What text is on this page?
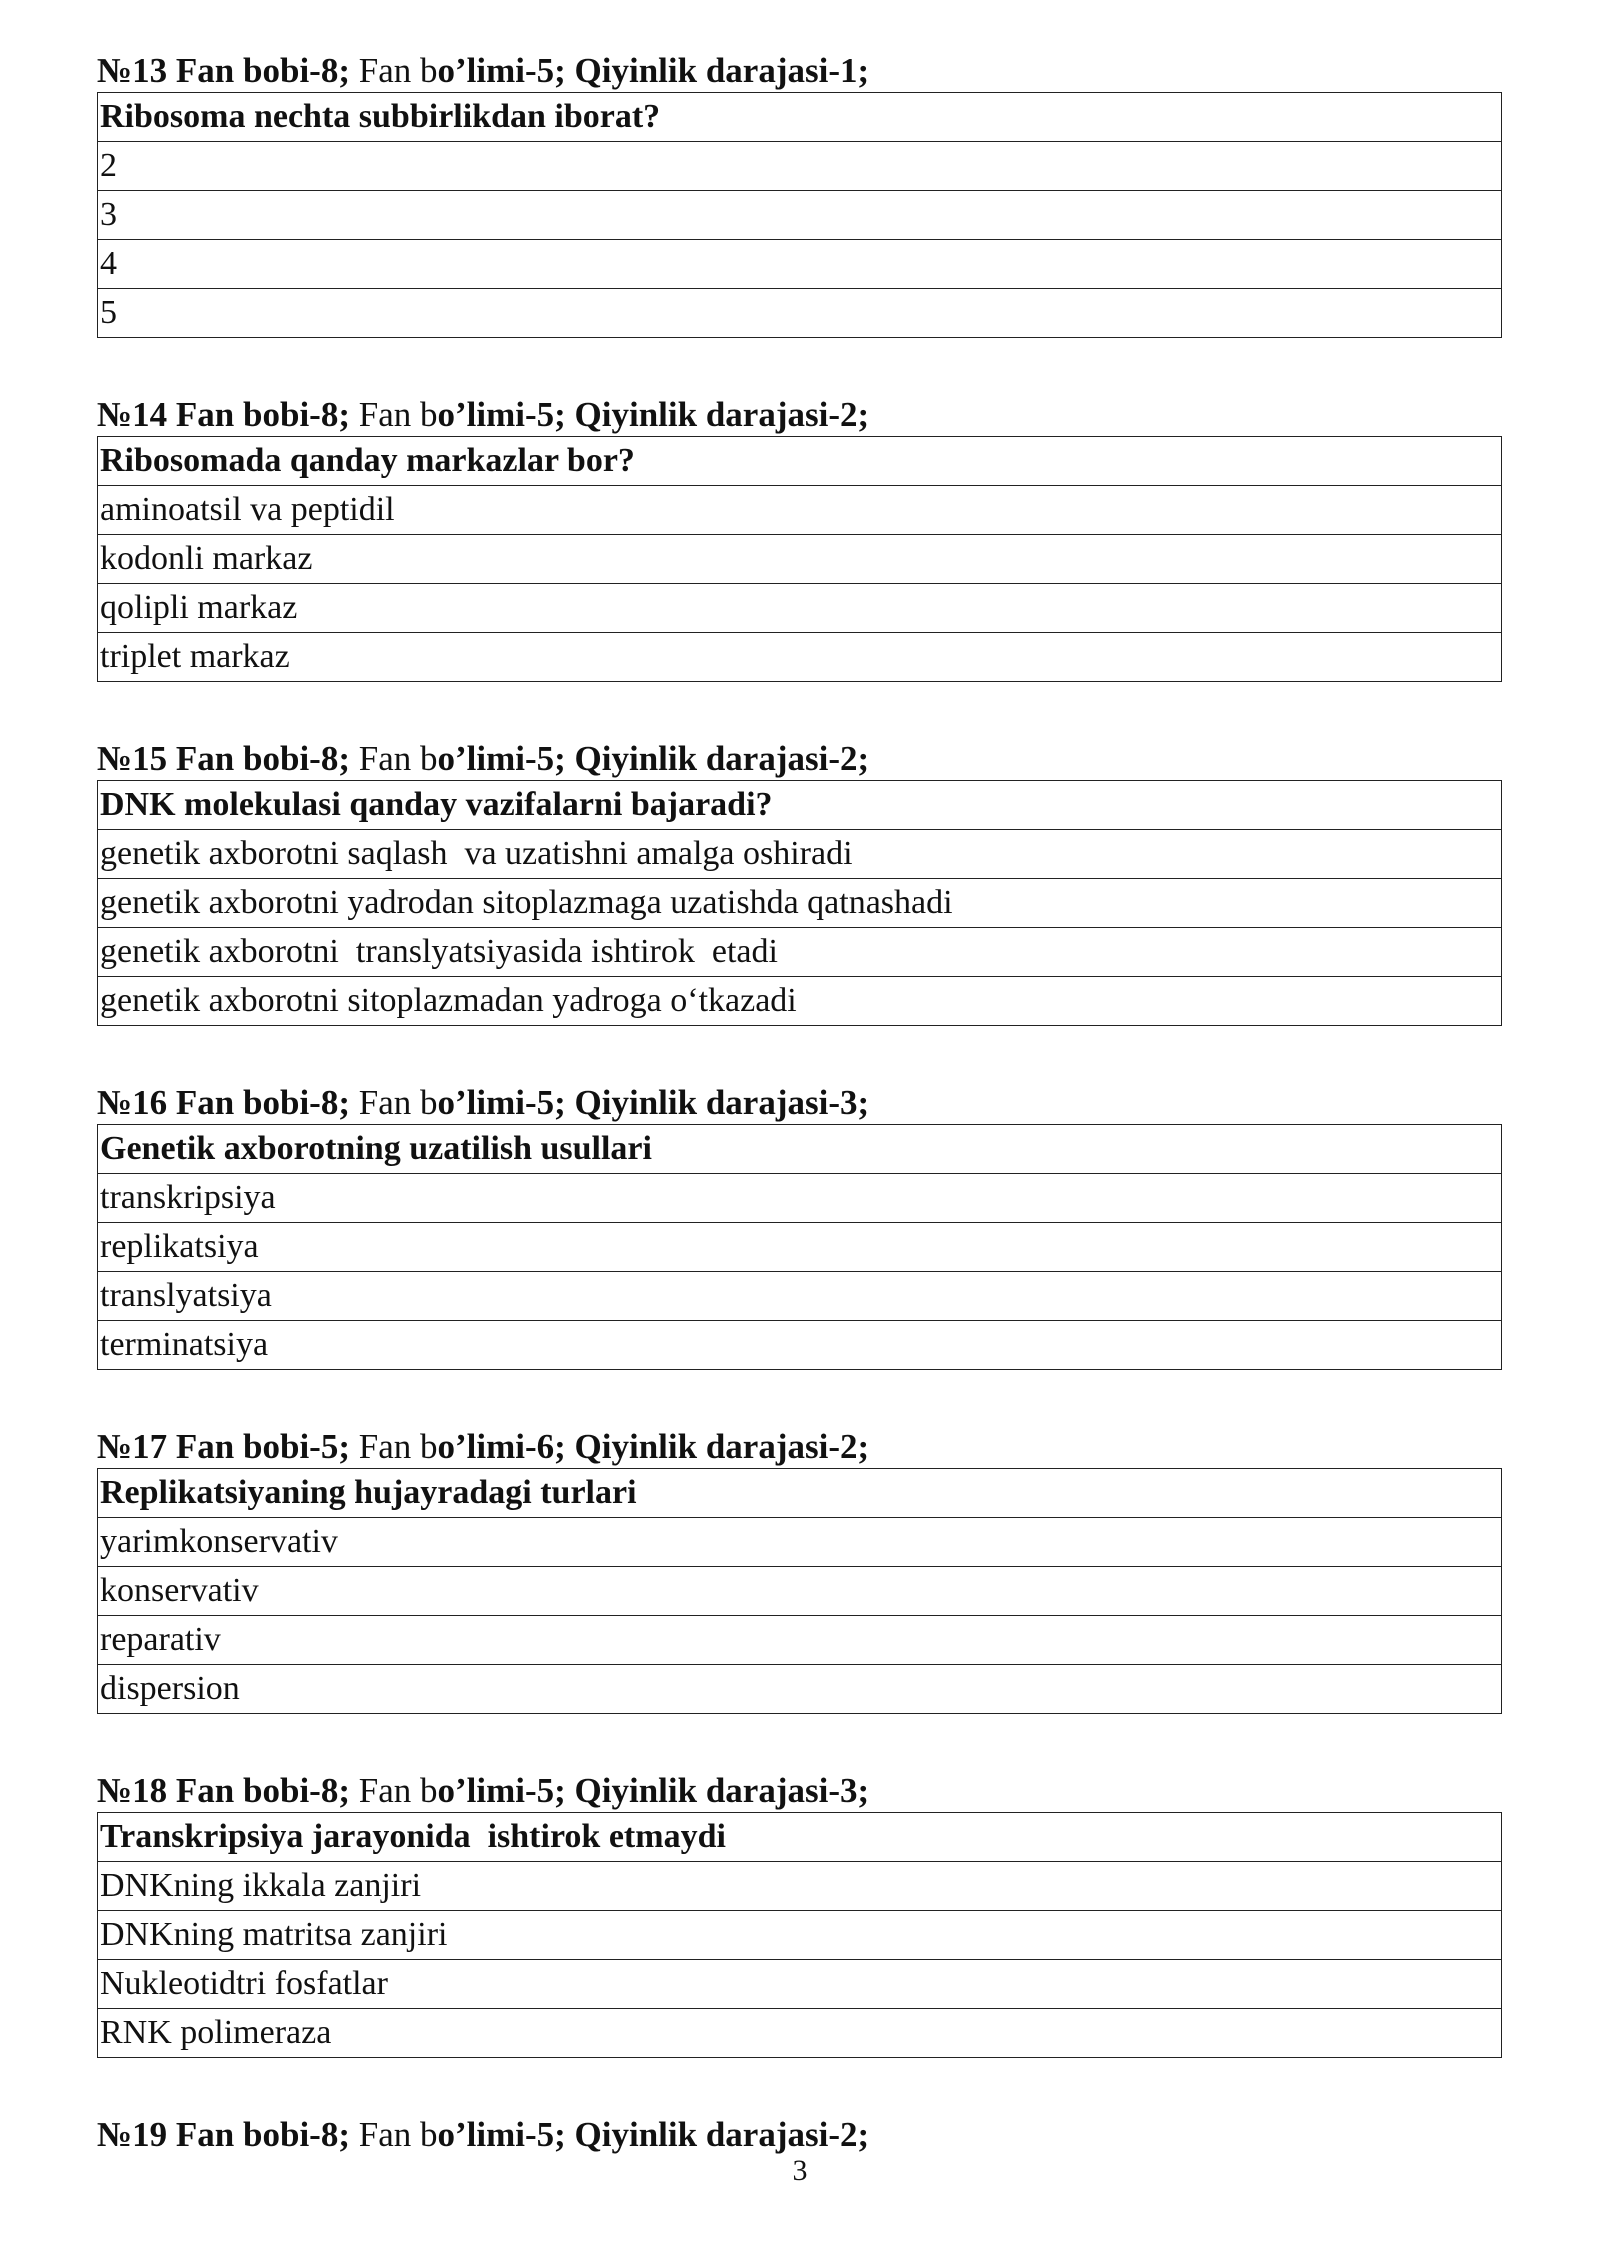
№13 Fan bobi-8; Fan bo’limi-5; Qiyinlik darajasi-1;
Ribosoma nechta subbirlikdan iborat?
2
3
4
5
№14 Fan bobi-8; Fan bo’limi-5; Qiyinlik darajasi-2;
Ribosomada qanday markazlar bor?
aminoatsil va peptidil
kodonli markaz
qolipli markaz
triplet markaz
№15 Fan bobi-8; Fan bo’limi-5; Qiyinlik darajasi-2;
DNK molekulasi qanday vazifalarni bajaradi?
genetik axborotni saqlash  va uzatishni amalga oshiradi
genetik axborotni yadrodan sitoplazmaga uzatishda qatnashadi
genetik axborotni  translyatsiyasida ishtirok  etadi
genetik axborotni sitoplazmadan yadroga o‘tkazadi
№16 Fan bobi-8; Fan bo’limi-5; Qiyinlik darajasi-3;
Genetik axborotning uzatilish usullari
transkripsiya
replikatsiya
translyatsiya
terminatsiya
№17 Fan bobi-5; Fan bo’limi-6; Qiyinlik darajasi-2;
Replikatsiyaning hujayradagi turlari
yarimkonservativ
konservativ
reparativ
dispersion
№18 Fan bobi-8; Fan bo’limi-5; Qiyinlik darajasi-3;
Transkripsiya jarayonida  ishtirok etmaydi
DNKning ikkala zanjiri
DNKning matritsa zanjiri
Nukleotidtri fosfatlar
RNK polimeraza
№19 Fan bobi-8; Fan bo’limi-5; Qiyinlik darajasi-2;
3
